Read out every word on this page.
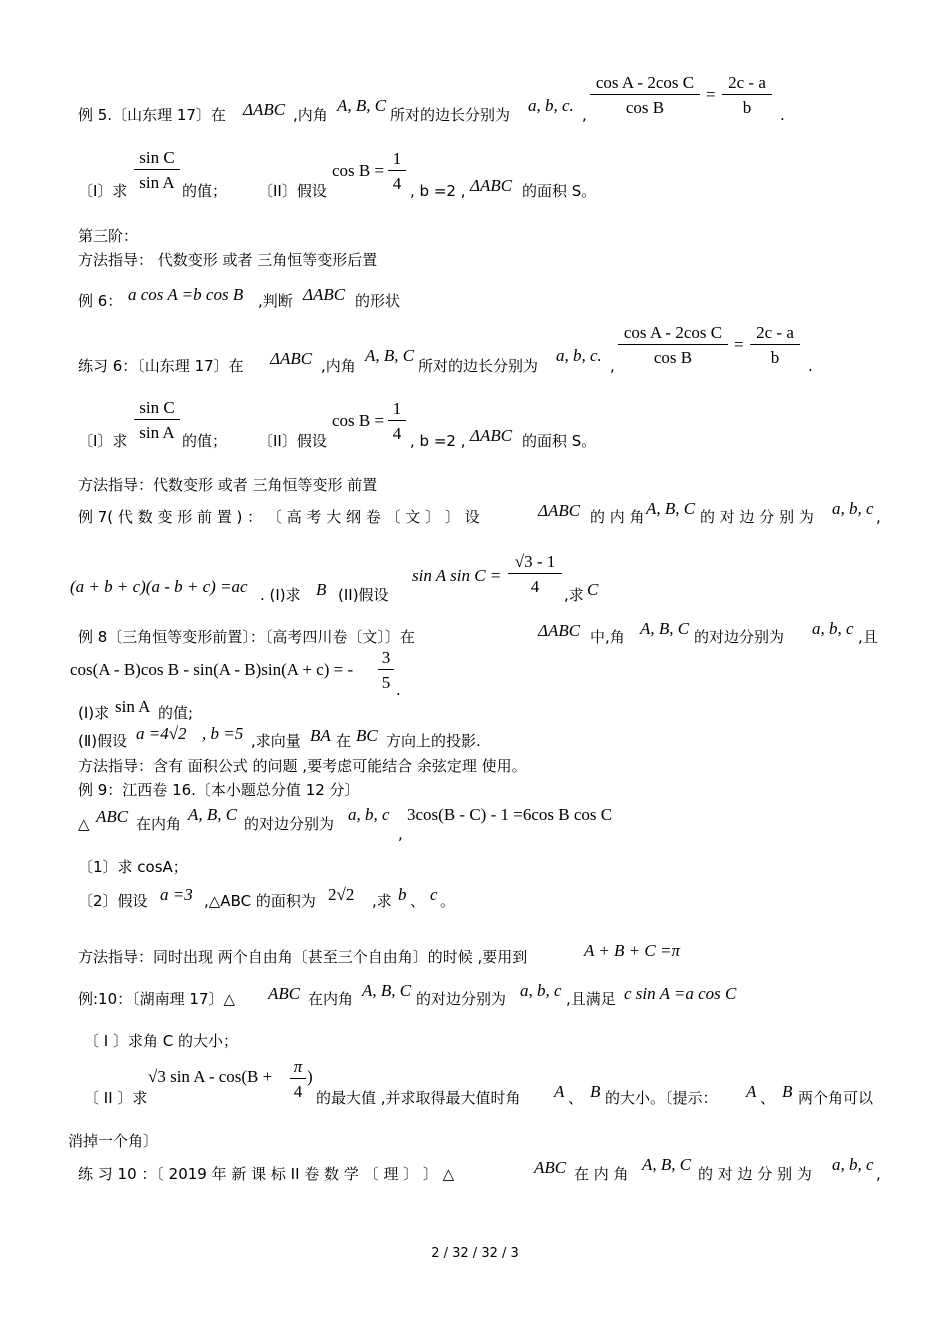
例 5.〔山东理 17〕在 ΔABC ,内角 A, B, C 所对的边长分别为 a, b, c. , $\frac{\text{cos A - 2cos C}}{\text{cos B}} = \frac{2c - a}{b}$ .
〔I〕求 $\frac{\text{sin C}}{\text{sin A}}$ 的值； 〔II〕假设
$\cos B = \frac{1}{4}$ , b =2 , ΔABC 的面积 S。
第三阶：
方法指导： 代数变形 或者 三角恒等变形后置
例 6： a cos A =b cos B ,判断 ΔABC 的形状
练习 6：〔山东理 17〕在 ΔABC ,内角
A, B, C
所对的边长分别为
a, b, c.
, $\frac{\text{cos A - 2cos C}}{\text{cos B}} = \frac{2c - a}{b}$ .
〔I〕求 $\frac{\text{sin C}}{\text{sin A}}$ 的值； 〔II〕假设
$\cos B = \frac{1}{4}$ , b =2 , ΔABC 的面积 S。
方法指导：代数变形 或者 三角恒等变形 前置
例 7( 代 数 变 形 前 置 ) ： 〔 高 考 大 纲 卷 〔 文 〕 〕 设	ΔABC 的 内 角 A, B, C 的 对 边 分 别 为 a, b, c ,
(a + b + c)(a - b + c) =ac . (I)求 B (II)假设
sin A $\sin C = \frac{√3 - 1}{4}$ ,求 C
例 8〔三角恒等变形前置〕：〔高考四川卷〔文〕〕在	ΔABC 中,角 A, B, C 的对边分别为 a, b, c ,且
cos(A - B)cos B - sin(A - B)sin(A + c) = - $\frac{3}{5}$ .
(I)求 sin A 的值;
(Ⅱ)假设 a =4√2 , b =5 ,求向量 BA 在 BC 方向上的投影.
方法指导：含有 面积公式 的问题 ,要考虑可能结合 余弦定理 使用。
例 9：江西卷 16.〔本小题总分值 12 分〕
△ ABC 在内角 A, B, C 的对边分别为 a, b, c
,
3cos(B - C) - 1 =6cos B cos C
〔1〕求 cosA；
〔2〕假设 a =3 ,△ABC 的面积为 2√2 ,求 b 、 c 。
方法指导：同时出现 两个自由角〔甚至三个自由角〕的时候 ,要用到	A + B + C =π
例:10：〔湖南理 17〕△ ABC 在内角 A, B, C 的对边分别为 a, b, c ,且满足 c sin A =a cos C
〔 I 〕求角 C 的大小；
〔 II 〕求
√3 $\sin A - \cos(B + \frac{\pi}{4}$ )
的最大值 ,并求取得最大值时角 A 、 B 的大小。〔提示： A 、 B 两个角可以
消掉一个角〕
练 习 10 ：〔 2019 年 新 课 标 II 卷 数 学 〔 理 〕 〕 △	ABC 在 内 角 A, B, C 的 对 边 分 别 为 a, b, c ,
2 / 32 / 32 / 3
